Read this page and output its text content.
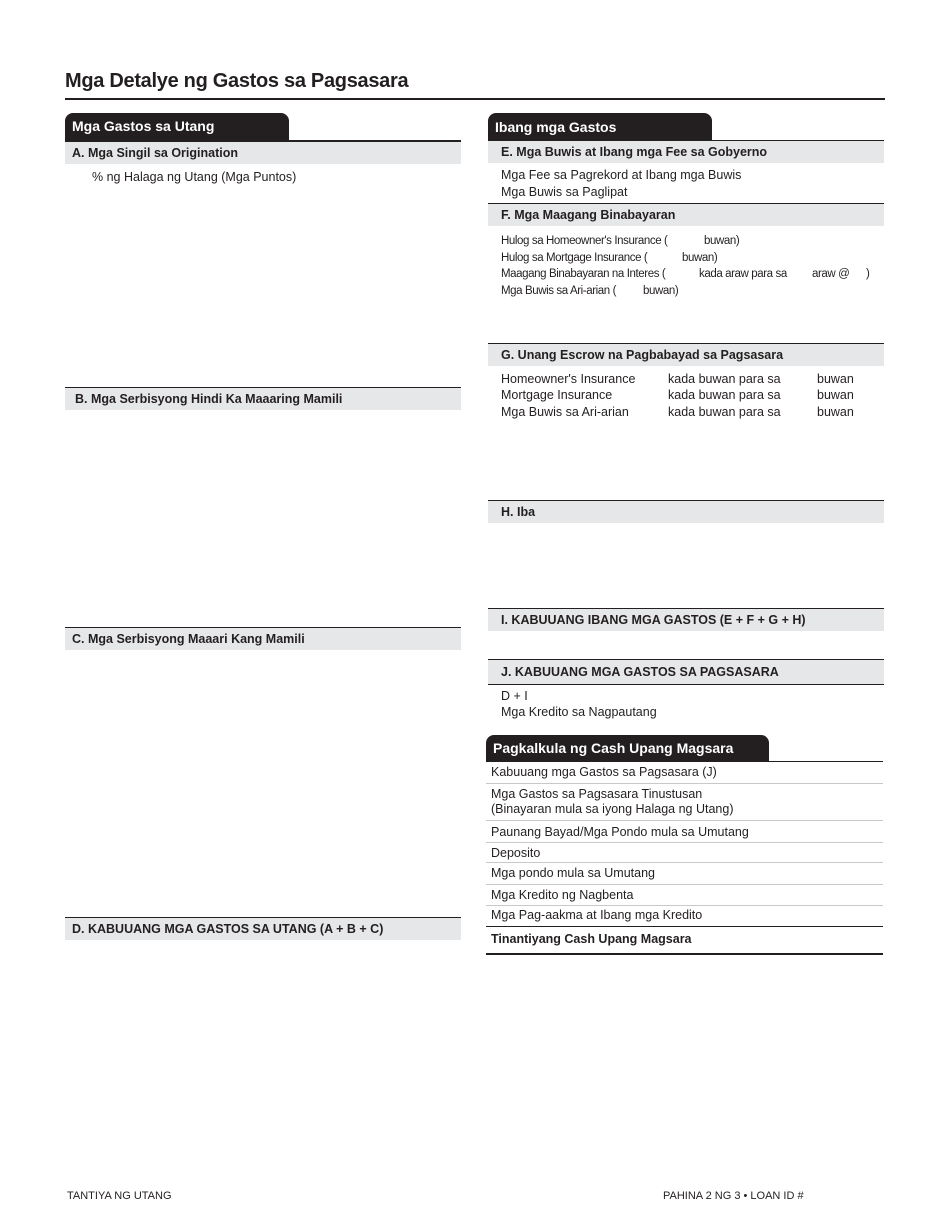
Mga Detalye ng Gastos sa Pagsasara
Mga Gastos sa Utang
A. Mga Singil sa Origination
% ng Halaga ng Utang (Mga Puntos)
B. Mga Serbisyong Hindi Ka Maaaring Mamili
C. Mga Serbisyong Maaari Kang Mamili
D. KABUUANG MGA GASTOS SA UTANG (A + B + C)
Ibang mga Gastos
E. Mga Buwis at Ibang mga Fee sa Gobyerno
Mga Fee sa Pagrekord at Ibang mga Buwis
Mga Buwis sa Paglipat
F. Mga Maagang Binabayaran
Hulog sa Homeowner's Insurance (	buwan)
Hulog sa Mortgage Insurance (	buwan)
Maagang Binabayaran na Interes (	kada araw para sa araw @ )
Mga Buwis sa Ari-arian ( buwan)
G. Unang Escrow na Pagbabayad sa Pagsasara
Homeowner's Insurance	kada buwan para sa	buwan
Mortgage Insurance	kada buwan para sa	buwan
Mga Buwis sa Ari-arian	kada buwan para sa	buwan
H. Iba
I. KABUUANG IBANG MGA GASTOS (E + F + G + H)
J. KABUUANG MGA GASTOS SA PAGSASARA
D + I
Mga Kredito sa Nagpautang
Pagkalkula ng Cash Upang Magsara
Kabuuang mga Gastos sa Pagsasara (J)
Mga Gastos sa Pagsasara Tinustusan
(Binayaran mula sa iyong Halaga ng Utang)
Paunang Bayad/Mga Pondo mula sa Umutang
Deposito
Mga pondo mula sa Umutang
Mga Kredito ng Nagbenta
Mga Pag-aakma at Ibang mga Kredito
Tinantiyang Cash Upang Magsara
TANTIYA NG UTANG	PAHINA 2 NG 3 • LOAN ID #
